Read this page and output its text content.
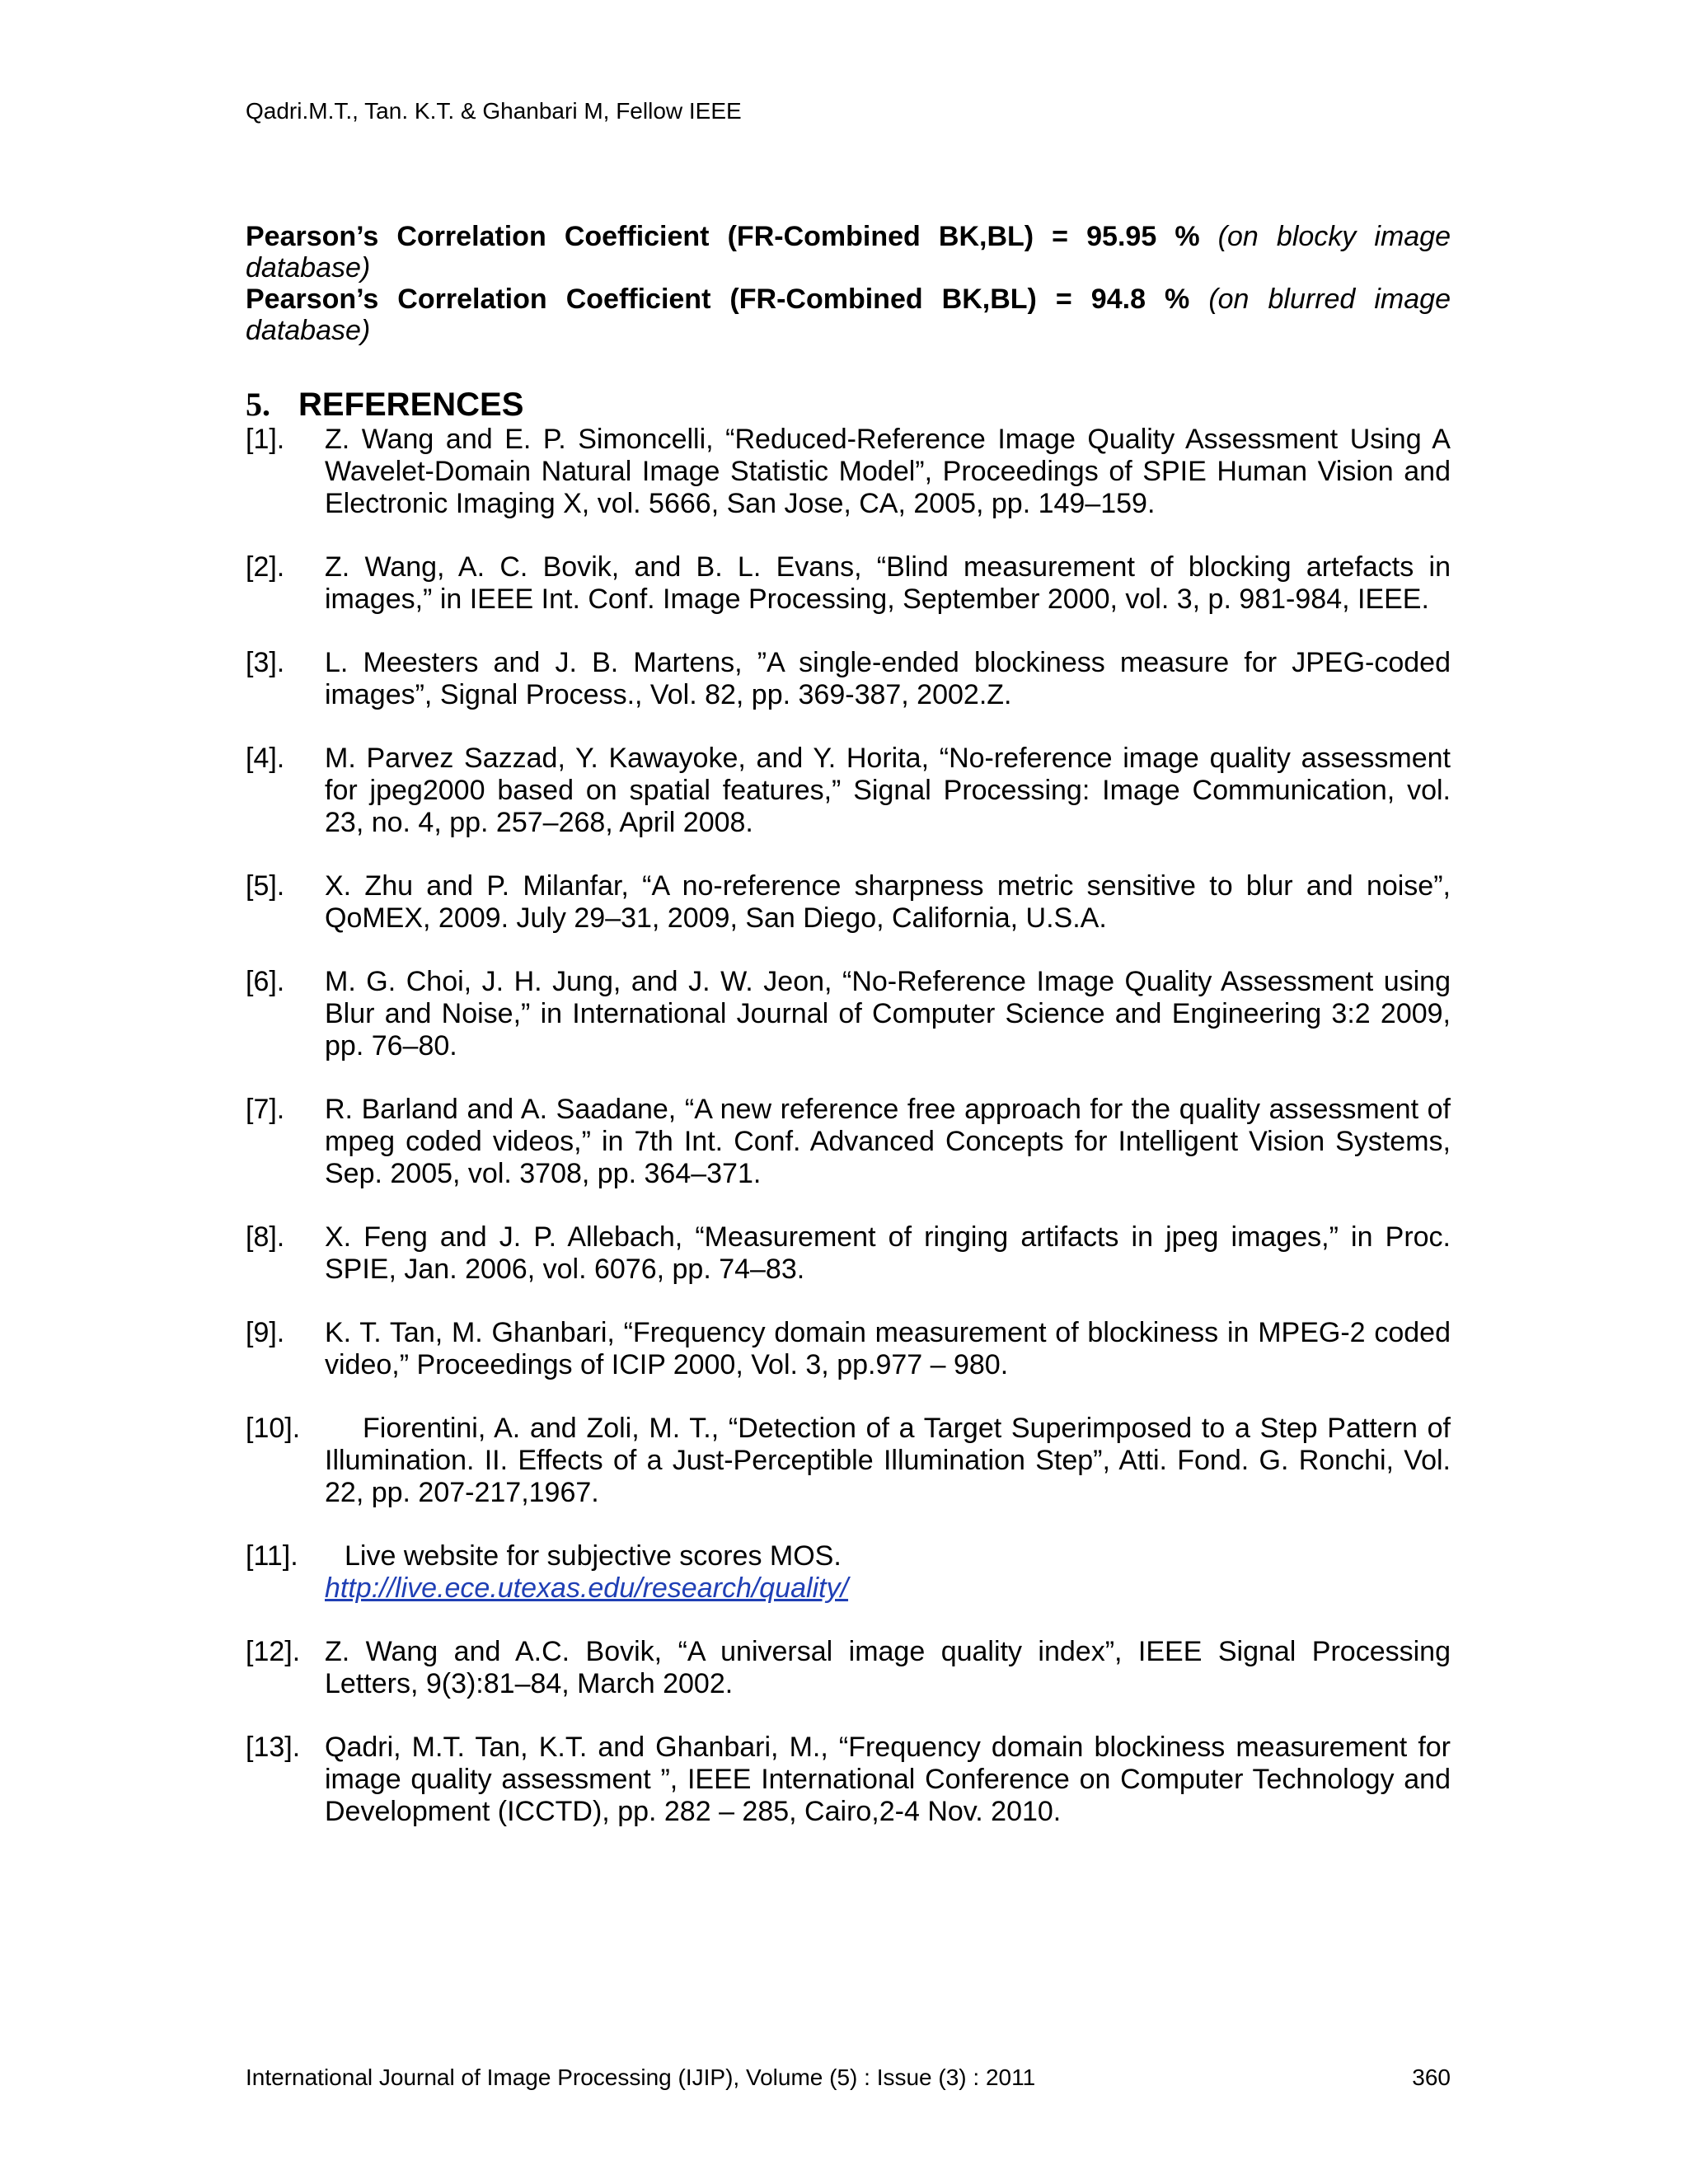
Qadri.M.T., Tan. K.T. & Ghanbari M, Fellow IEEE

Pearson’s Correlation Coefficient (FR-Combined BK,BL) = 95.95 % (on blocky image database)

Pearson’s Correlation Coefficient (FR-Combined BK,BL) = 94.8 % (on blurred image database)

5. REFERENCES
[1].	Z. Wang and E. P. Simoncelli, “Reduced-Reference Image Quality Assessment Using A Wavelet-Domain Natural Image Statistic Model”, Proceedings of SPIE Human Vision and Electronic Imaging X, vol. 5666, San Jose, CA, 2005, pp. 149–159.
[2].	Z. Wang, A. C. Bovik, and B. L. Evans, “Blind measurement of blocking artefacts in images,” in IEEE Int. Conf. Image Processing, September 2000, vol. 3, p. 981-984, IEEE.
[3].	L. Meesters and J. B. Martens, ”A single-ended blockiness measure for JPEG-coded images”, Signal Process., Vol. 82, pp. 369-387, 2002.Z.
[4].	M. Parvez Sazzad, Y. Kawayoke, and Y. Horita, “No-reference image quality assessment for jpeg2000 based on spatial features,” Signal Processing: Image Communication, vol. 23, no. 4, pp. 257–268, April 2008.
[5].	X. Zhu and P. Milanfar, “A no-reference sharpness metric sensitive to blur and noise”, QoMEX, 2009. July 29–31, 2009, San Diego, California, U.S.A.
[6].	M. G. Choi, J. H. Jung, and J. W. Jeon, “No-Reference Image Quality Assessment using Blur and Noise,” in International Journal of Computer Science and Engineering 3:2 2009, pp. 76–80.
[7].	R. Barland and A. Saadane, “A new reference free approach for the quality assessment of mpeg coded videos,” in 7th Int. Conf. Advanced Concepts for Intelligent Vision Systems, Sep. 2005, vol. 3708, pp. 364–371.
[8].	X. Feng and J. P. Allebach, “Measurement of ringing artifacts in jpeg images,” in Proc. SPIE, Jan. 2006, vol. 6076, pp. 74–83.
[9].	K. T. Tan, M. Ghanbari, “Frequency domain measurement of blockiness in MPEG-2 coded video,” Proceedings of ICIP 2000, Vol. 3, pp.977 – 980.
[10].	Fiorentini, A. and Zoli, M. T., “Detection of a Target Superimposed to a Step Pattern of Illumination. II. Effects of a Just-Perceptible Illumination Step”, Atti. Fond. G. Ronchi, Vol. 22, pp. 207-217,1967.
[11].	Live website for subjective scores MOS.
http://live.ece.utexas.edu/research/quality/
[12]. Z. Wang and A.C. Bovik, “A universal image quality index”, IEEE Signal Processing Letters, 9(3):81–84, March 2002.
[13]. Qadri, M.T. Tan, K.T. and Ghanbari, M., “Frequency domain blockiness measurement for image quality assessment ”, IEEE International Conference on Computer Technology and Development (ICCTD), pp. 282 – 285, Cairo,2-4 Nov. 2010.
International Journal of Image Processing (IJIP), Volume (5) : Issue (3) : 2011	360
